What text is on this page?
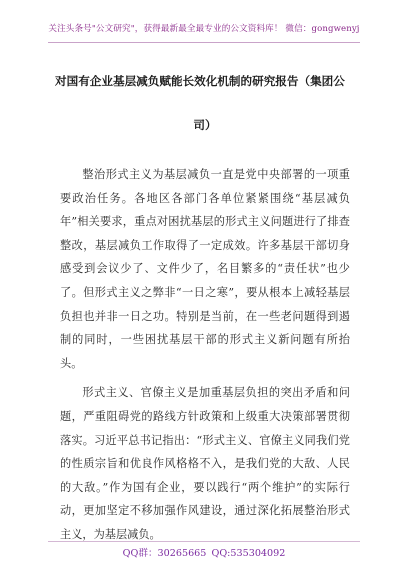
关注头条号"公文研究"，获得最新最全最专业的公文资料库！ 微信：gongwenyj
对国有企业基层减负赋能长效化机制的研究报告（集团公
司）

整治形式主义为基层减负一直是党中央部署的一项重要政治任务。各地区各部门各单位紧紧围绕“基层减负年”相关要求，重点对困扰基层的形式主义问题进行了排查整改，基层减负工作取得了一定成效。许多基层干部切身感受到会议少了、文件少了，名目繁多的“责任状”也少了。但形式主义之弊非“一日之寒”，要从根本上减轻基层负担也并非一日之功。特别是当前，在一些老问题得到遏制的同时，一些困扰基层干部的形式主义新问题有所抬头。

形式主义、官僚主义是加重基层负担的突出矛盾和问题，严重阻碍党的路线方针政策和上级重大决策部署贯彻落实。习近平总书记指出：“形式主义、官僚主义同我们党的性质宗旨和优良作风格格不入，是我们党的大敌、人民的大敌。”作为国有企业，要以践行“两个维护”的实际行动，更加坚定不移加强作风建设，通过深化拓展整治形式主义，为基层减负。

QQ群：30265665 QQ:535304092
